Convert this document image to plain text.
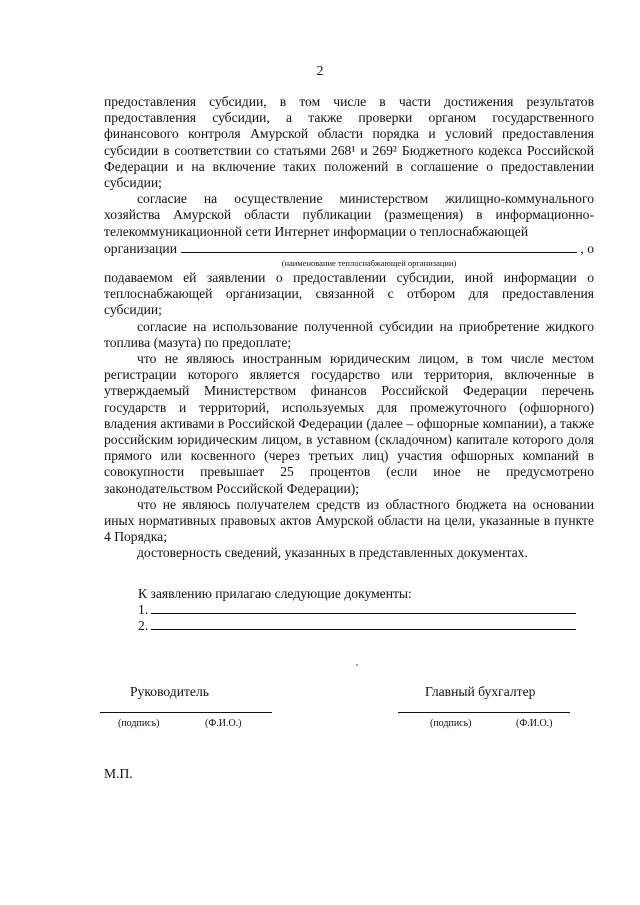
2

предоставления субсидии, в том числе в части достижения результатов предоставления субсидии, а также проверки органом государственного финансового контроля Амурской области порядка и условий предоставления субсидии в соответствии со статьями 268¹ и 269² Бюджетного кодекса Российской Федерации и на включение таких положений в соглашение о предоставлении субсидии;

согласие на осуществление министерством жилищно-коммунального хозяйства Амурской области публикации (размещения) в информационно-телекоммуникационной сети Интернет информации о теплоснабжающей

организации	, о
(наименование теплоснабжающей организации)

подаваемом ей заявлении о предоставлении субсидии, иной информации о теплоснабжающей организации, связанной с отбором для предоставления субсидии;

согласие на использование полученной субсидии на приобретение жидкого топлива (мазута) по предоплате;

что не являюсь иностранным юридическим лицом, в том числе местом регистрации которого является государство или территория, включенные в утверждаемый Министерством финансов Российской Федерации перечень государств и территорий, используемых для промежуточного (офшорного) владения активами в Российской Федерации (далее – офшорные компании), а также российским юридическим лицом, в уставном (складочном) капитале которого доля прямого или косвенного (через третьих лиц) участия офшорных компаний в совокупности превышает 25 процентов (если иное не предусмотрено законодательством Российской Федерации);

что не являюсь получателем средств из областного бюджета на основании иных нормативных правовых актов Амурской области на цели, указанные в пункте 4 Порядка;

достоверность сведений, указанных в представленных документах.

К заявлению прилагаю следующие документы:
1.
2.
Руководитель
(подпись)	(Ф.И.О.)
Главный бухгалтер
(подпись)	(Ф.И.О.)
М.П.
